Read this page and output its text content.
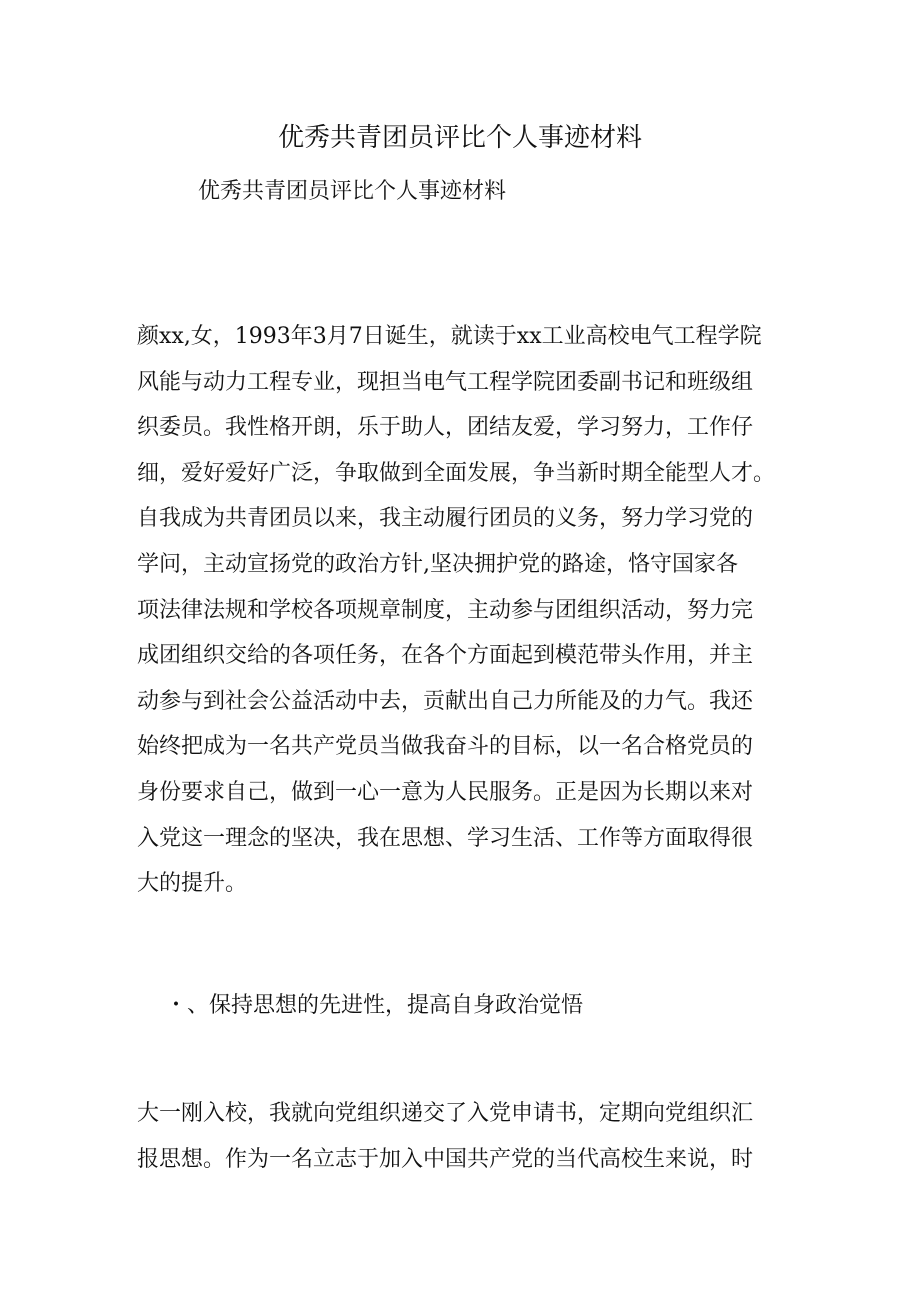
优秀共青团员评比个人事迹材料
优秀共青团员评比个人事迹材料
颜xx,女，1993年3月7日诞生，就读于xx工业高校电气工程学院
风能与动力工程专业，现担当电气工程学院团委副书记和班级组
织委员。我性格开朗，乐于助人，团结友爱，学习努力，工作仔
细，爱好爱好广泛，争取做到全面发展，争当新时期全能型人才。
自我成为共青团员以来，我主动履行团员的义务，努力学习党的
学问，主动宣扬党的政治方针,坚决拥护党的路途，恪守国家各
项法律法规和学校各项规章制度，主动参与团组织活动，努力完
成团组织交给的各项任务，在各个方面起到模范带头作用，并主
动参与到社会公益活动中去，贡献出自己力所能及的力气。我还
始终把成为一名共产党员当做我奋斗的目标，以一名合格党员的
身份要求自己，做到一心一意为人民服务。正是因为长期以来对
入党这一理念的坚决，我在思想、学习生活、工作等方面取得很
大的提升。
・、保持思想的先进性，提高自身政治觉悟
大一刚入校，我就向党组织递交了入党申请书，定期向党组织汇
报思想。作为一名立志于加入中国共产党的当代高校生来说，时
